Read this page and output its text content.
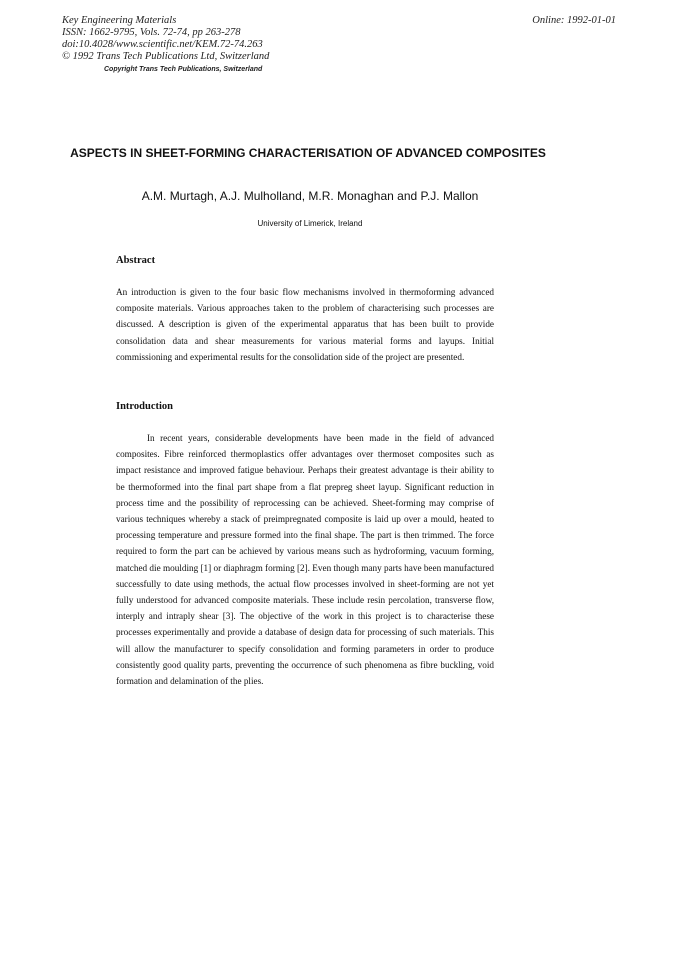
Key Engineering Materials
ISSN: 1662-9795, Vols. 72-74, pp 263-278
doi:10.4028/www.scientific.net/KEM.72-74.263
© 1992 Trans Tech Publications Ltd, Switzerland
Copyright Trans Tech Publications, Switzerland
Online: 1992-01-01
ASPECTS IN SHEET-FORMING CHARACTERISATION OF ADVANCED COMPOSITES

A.M. Murtagh, A.J. Mulholland, M.R. Monaghan and P.J. Mallon

University of Limerick, Ireland
Abstract

An introduction is given to the four basic flow mechanisms involved in thermoforming advanced composite materials. Various approaches taken to the problem of characterising such processes are discussed. A description is given of the experimental apparatus that has been built to provide consolidation data and shear measurements for various material forms and layups. Initial commissioning and experimental results for the consolidation side of the project are presented.

Introduction

In recent years, considerable developments have been made in the field of advanced composites. Fibre reinforced thermoplastics offer advantages over thermoset composites such as impact resistance and improved fatigue behaviour. Perhaps their greatest advantage is their ability to be thermoformed into the final part shape from a flat prepreg sheet layup. Significant reduction in process time and the possibility of reprocessing can be achieved. Sheet-forming may comprise of various techniques whereby a stack of preimpregnated composite is laid up over a mould, heated to processing temperature and pressure formed into the final shape. The part is then trimmed. The force required to form the part can be achieved by various means such as hydroforming, vacuum forming, matched die moulding [1] or diaphragm forming [2]. Even though many parts have been manufactured successfully to date using methods, the actual flow processes involved in sheet-forming are not yet fully understood for advanced composite materials. These include resin percolation, transverse flow, interply and intraply shear [3]. The objective of the work in this project is to characterise these processes experimentally and provide a database of design data for processing of such materials. This will allow the manufacturer to specify consolidation and forming parameters in order to produce consistently good quality parts, preventing the occurrence of such phenomena as fibre buckling, void formation and delamination of the plies.
